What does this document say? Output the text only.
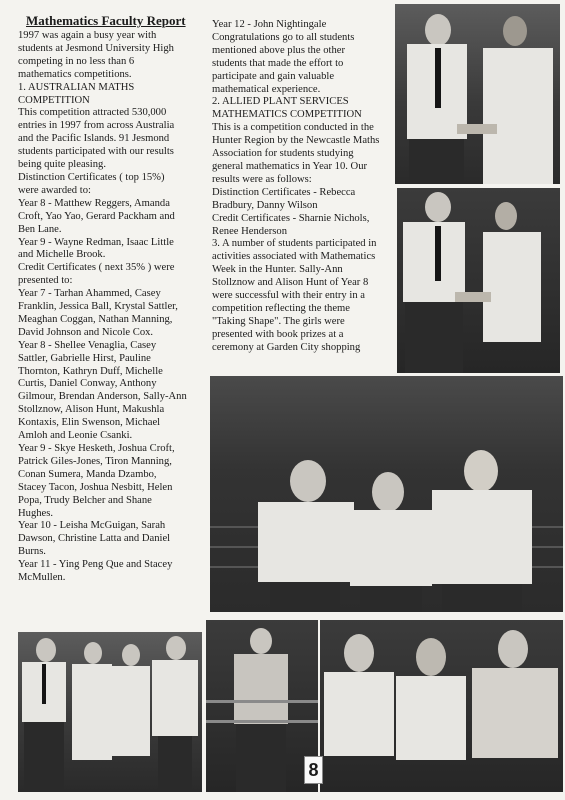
Mathematics Faculty Report

1997 was again a busy year with

students at Jesmond University High

competing in no less than 6

mathematics competitions.

1. AUSTRALIAN MATHS

COMPETITION

This competition attracted 530,000

entries in 1997 from across Australia

and the Pacific Islands. 91 Jesmond

students participated with our results

being quite pleasing.

Distinction Certificates ( top 15%)

were awarded to:

Year 8 - Matthew Reggers, Amanda

Croft, Yao Yao, Gerard Packham and

Ben Lane.

Year 9 - Wayne Redman, Isaac Little

and Michelle Brook.

Credit Certificates ( next 35% ) were

presented to:

Year 7 - Tarhan Ahammed, Casey

Franklin, Jessica Ball, Krystal Sattler,

Meaghan Coggan, Nathan Manning,

David Johnson and Nicole Cox.

Year 8 - Shellee Venaglia, Casey

Sattler, Gabrielle Hirst, Pauline

Thornton, Kathryn Duff, Michelle

Curtis, Daniel Conway, Anthony

Gilmour, Brendan Anderson, Sally-Ann

Stollznow, Alison Hunt, Makushla

Kontaxis, Elin Swenson, Michael

Amloh and Leonie Csanki.

Year 9 - Skye Hesketh, Joshua Croft,

Patrick Giles-Jones, Tiron Manning,

Conan Sumera, Manda Dzambo,

Stacey Tacon, Joshua Nesbitt, Helen

Popa, Trudy Belcher and Shane

Hughes.

Year 10 - Leisha McGuigan, Sarah

Dawson, Christine Latta and Daniel

Burns.

Year 11 - Ying Peng Que and Stacey

McMullen.

Year 12 - John Nightingale

Congratulations go to all students

mentioned above plus the other

students that made the effort to

participate and gain valuable

mathematical experience.

2. ALLIED PLANT SERVICES

MATHEMATICS COMPETITION

This is a competition conducted in the

Hunter Region by the Newcastle Maths

Association for students studying

general mathematics in Year 10. Our

results were as follows:

Distinction Certificates - Rebecca

Bradbury, Danny Wilson

Credit Certificates - Sharnie Nichols,

Renee Henderson

3. A number of students participated in

activities associated with Mathematics

Week in the Hunter. Sally-Ann

Stollznow and Alison Hunt of Year 8

were successful with their entry in a

competition reflecting the theme

"Taking Shape". The girls were

presented with book prizes at a

ceremony at Garden City shopping

8
